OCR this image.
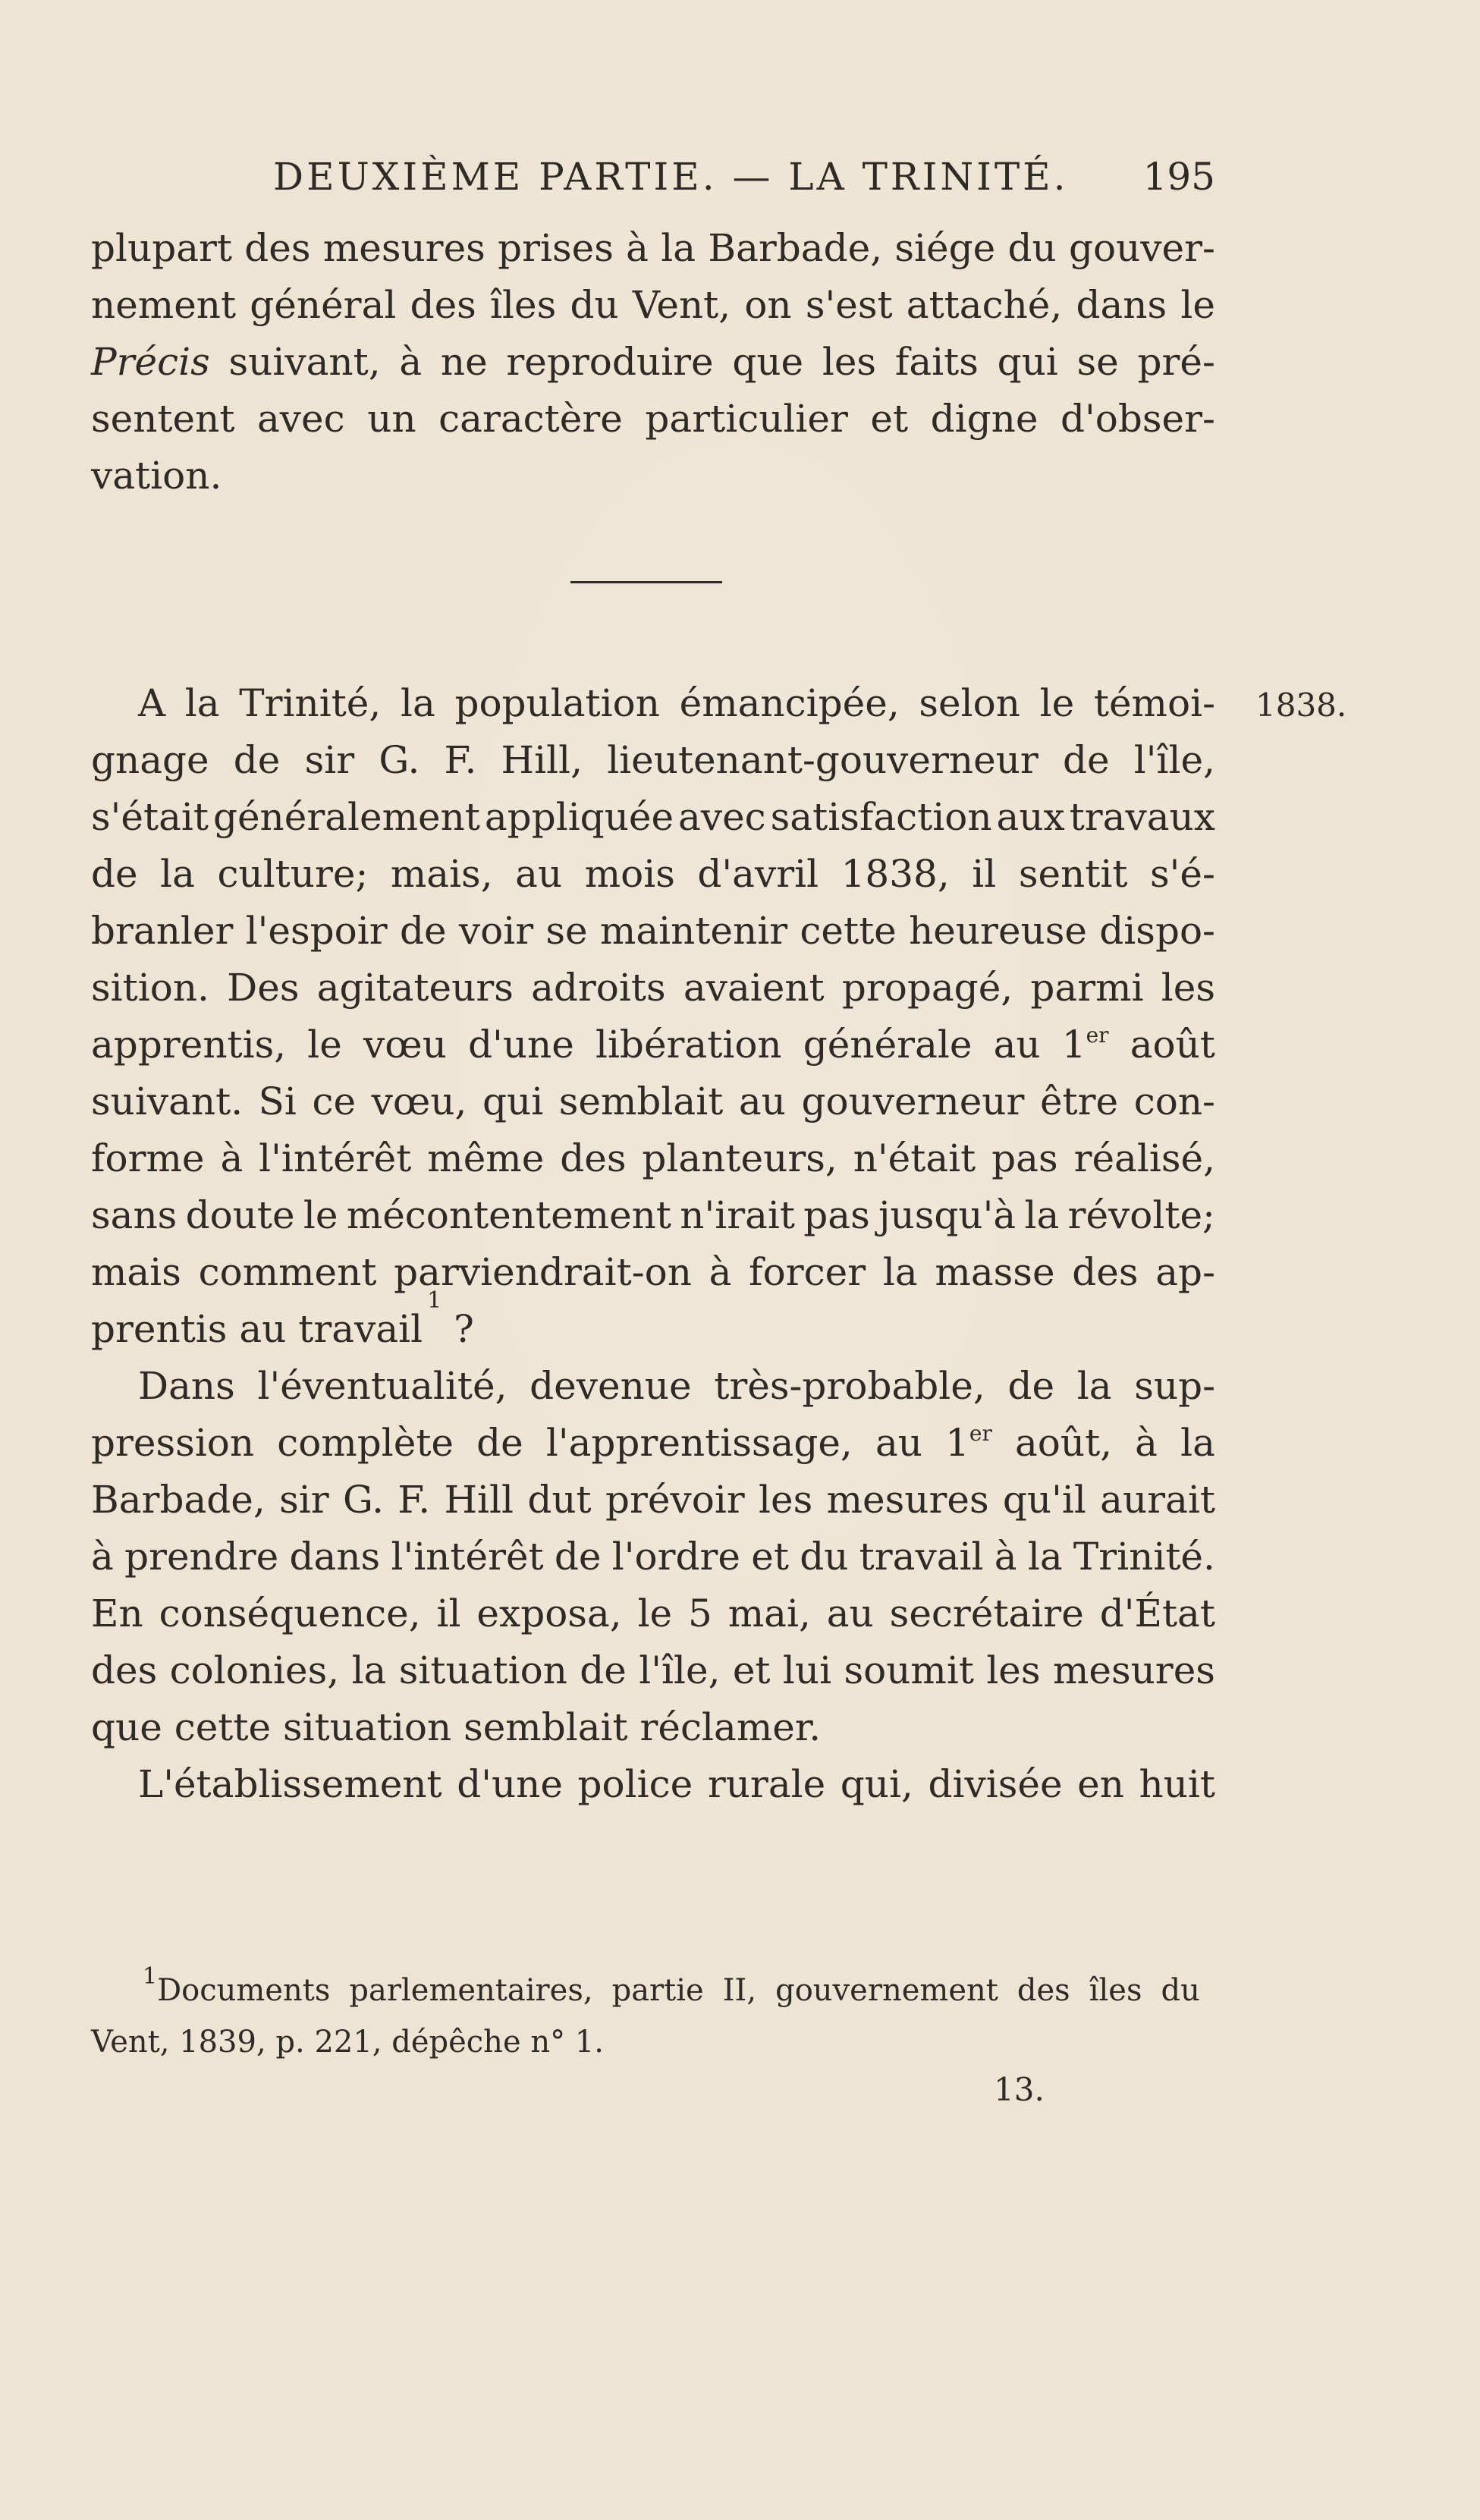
DEUXIÈME PARTIE. — LA TRINITÉ. 195
plupart des mesures prises à la Barbade, siége du gouver-
nement général des îles du Vent, on s'est attaché, dans le
Précis suivant, à ne reproduire que les faits qui se pré-
sentent avec un caractère particulier et digne d'obser-
vation.
1838.
A la Trinité, la population émancipée, selon le témoi-
gnage de sir G. F. Hill, lieutenant-gouverneur de l'île,
s'était généralement appliquée avec satisfaction aux travaux
de la culture; mais, au mois d'avril 1838, il sentit s'é-
branler l'espoir de voir se maintenir cette heureuse dispo-
sition. Des agitateurs adroits avaient propagé, parmi les
apprentis, le vœu d'une libération générale au 1er août
suivant. Si ce vœu, qui semblait au gouverneur être con-
forme à l'intérêt même des planteurs, n'était pas réalisé,
sans doute le mécontentement n'irait pas jusqu'à la révolte;
mais comment parviendrait-on à forcer la masse des ap-
prentis
au
travail
1

?
Dans l'éventualité, devenue très-probable, de la sup-
pression complète de l'apprentissage, au 1er août, à la
Barbade, sir G. F. Hill dut prévoir les mesures qu'il aurait
à prendre dans l'intérêt de l'ordre et du travail à la Trinité.
En conséquence, il exposa, le 5 mai, au secrétaire d'État
des colonies, la situation de l'île, et lui soumit les mesures
que
cette
situation
semblait
réclamer.
L'établissement d'une police rurale qui, divisée en huit
$^1$Documents parlementaires, partie II, gouvernement des îles du
Vent,
1839,
p.
221,
dépêche
n°
1.
13.
